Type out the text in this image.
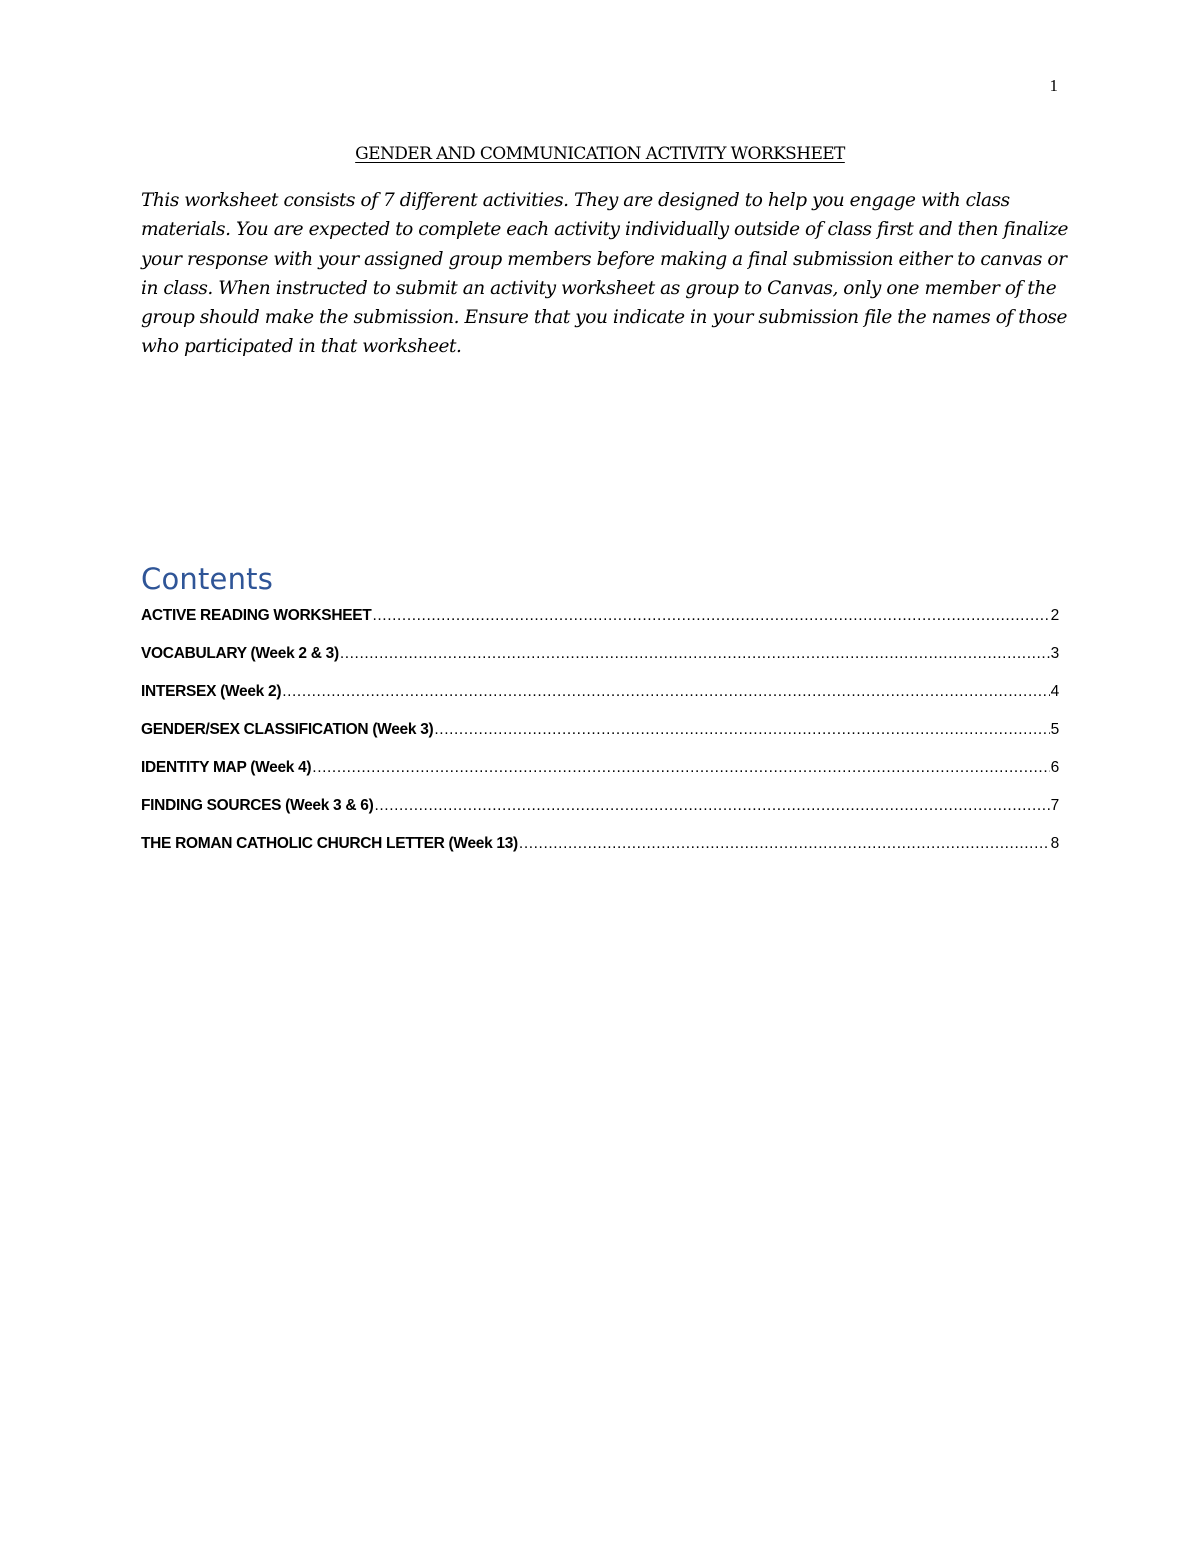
1
GENDER AND COMMUNICATION ACTIVITY WORKSHEET

This worksheet consists of 7 different activities. They are designed to help you engage with class materials. You are expected to complete each activity individually outside of class first and then finalize your response with your assigned group members before making a final submission either to canvas or in class. When instructed to submit an activity worksheet as group to Canvas, only one member of the group should make the submission. Ensure that you indicate in your submission file the names of those who participated in that worksheet.

Contents
ACTIVE READING WORKSHEET .....	2
VOCABULARY (Week 2 & 3) .....	3
INTERSEX (Week 2) .....	4
GENDER/SEX CLASSIFICATION (Week 3) .....	5
IDENTITY MAP (Week 4) .....	6
FINDING SOURCES (Week 3 & 6) .....	7
THE ROMAN CATHOLIC CHURCH LETTER (Week 13) .....	8
